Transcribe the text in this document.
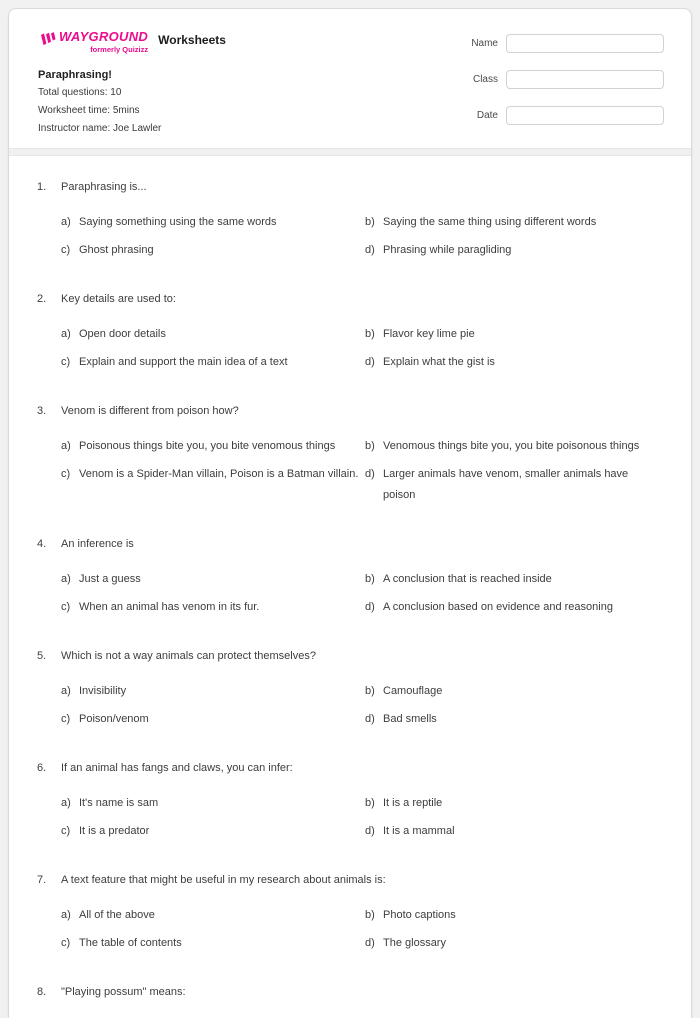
WAYGROUND
formerly Quizizz
Worksheets
Paraphrasing!
Total questions: 10
Worksheet time: 5mins
Instructor name: Joe Lawler
Name
Class
Date
1.	Paraphrasing is...
a) Saying something using the same words	b) Saying the same thing using different words
c) Ghost phrasing	d) Phrasing while paragliding
2.	Key details are used to:
a) Open door details	b) Flavor key lime pie
c) Explain and support the main idea of a text	d) Explain what the gist is
3.	Venom is different from poison how?
a) Poisonous things bite you, you bite venomous things	b) Venomous things bite you, you bite poisonous things
c) Venom is a Spider-Man villain, Poison is a Batman villain. d) Larger animals have venom, smaller animals have poison
4.	An inference is
a) Just a guess	b) A conclusion that is reached inside
c) When an animal has venom in its fur.	d) A conclusion based on evidence and reasoning
5.	Which is not a way animals can protect themselves?
a) Invisibility	b) Camouflage
c) Poison/venom	d) Bad smells
6.	If an animal has fangs and claws, you can infer:
a) It's name is sam	b) It is a reptile
c) It is a predator	d) It is a mammal
7.	A text feature that might be useful in my research about animals is:
a) All of the above	b) Photo captions
c) The table of contents	d) The glossary
8.	"Playing possum" means:
